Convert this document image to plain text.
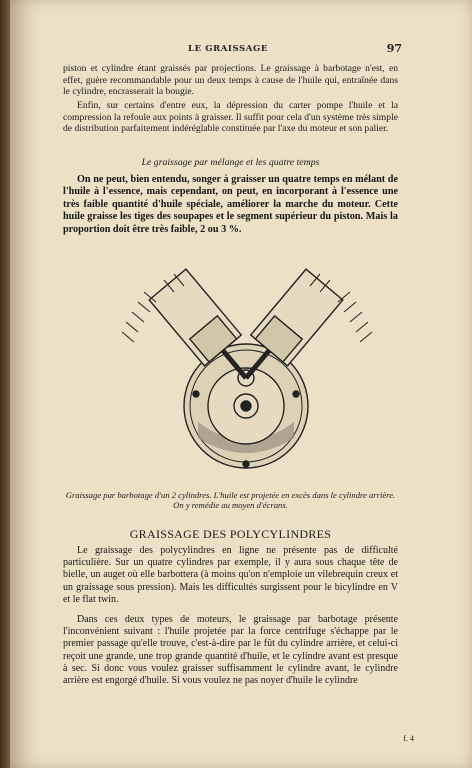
LE GRAISSAGE	97

piston et cylindre étant graissés par projections. Le graissage à barbotage n'est, en effet, guère recommandable pour un deux temps à cause de l'huile qui, entraînée dans le cylindre, encrasserait la bougie.

Enfin, sur certains d'entre eux, la dépression du carter pompe l'huile et la compression la refoule aux points à graisser. Il suffit pour cela d'un système très simple de distribution parfaitement indéréglable constituée par l'axe du moteur et son palier.

Le graissage par mélange et les quatre temps

On ne peut, bien entendu, songer à graisser un quatre temps en mélant de l'huile à l'essence, mais cependant, on peut, en incorporant à l'essence une très faible quantité d'huile spéciale, améliorer la marche du moteur. Cette huile graisse les tiges des soupapes et le segment supérieur du piston. Mais la proportion doit être très faible, 2 ou 3 %.

Graissage par barbotage d'un 2 cylindres. L'huile est projetée en excès dans le cylindre arrière. On y remédie au moyen d'écrans.
GRAISSAGE DES POLYCYLINDRES

Le graissage des polycylindres en ligne ne présente pas de difficulté particulière. Sur un quatre cylindres par exemple, il y aura sous chaque tête de bielle, un auget où elle barbottera (à moins qu'on n'emploie un vilebrequin creux et un graissage sous pression). Mais les difficultés surgissent pour le bicylindre en V et le flat twin.

Dans ces deux types de moteurs, le graissage par barbotage présente l'inconvénient suivant : l'huile projetée par la force centrifuge s'échappe par le premier passage qu'elle trouve, c'est-à-dire par le fût du cylindre arrière, et celui-ci reçoit une grande, une trop grande quantité d'huile, et le cylindre avant est presque à sec. Si donc vous voulez graisser suffisamment le cylindre avant, le cylindre arrière est engorgé d'huile. Si vous voulez ne pas noyer d'huile le cylindre

f. 4
